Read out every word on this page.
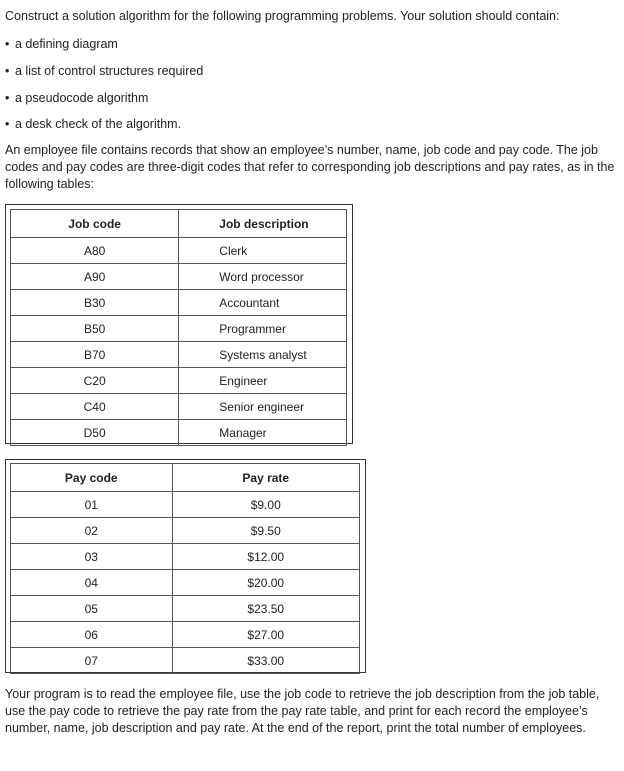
Construct a solution algorithm for the following programming problems. Your solution should contain:

• a defining diagram
• a list of control structures required
• a pseudocode algorithm
• a desk check of the algorithm.

An employee file contains records that show an employee’s number, name, job code and pay code. The job codes and pay codes are three-digit codes that refer to corresponding job descriptions and pay rates, as in the following tables:

Job code	Job description
A80	Clerk
A90	Word processor
B30	Accountant
B50	Programmer
B70	Systems analyst
C20	Engineer
C40	Senior engineer
D50	Manager
Pay code	Pay rate
01	$9.00
02	$9.50
03	$12.00
04	$20.00
05	$23.50
06	$27.00
07	$33.00

Your program is to read the employee file, use the job code to retrieve the job description from the job table, use the pay code to retrieve the pay rate from the pay rate table, and print for each record the employee’s number, name, job description and pay rate. At the end of the report, print the total number of employees.
